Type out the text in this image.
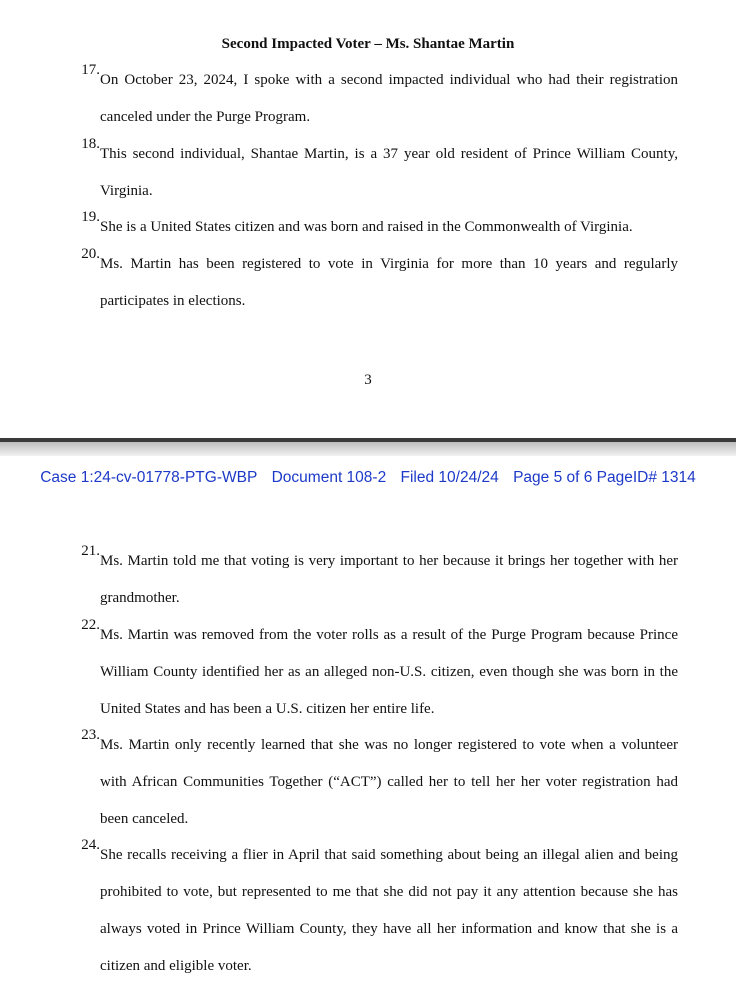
Second Impacted Voter – Ms. Shantae Martin
17.
On October 23, 2024, I spoke with a second impacted individual who had their registration canceled under the Purge Program.
18.
This second individual, Shantae Martin, is a 37 year old resident of Prince William County, Virginia.
19.
She is a United States citizen and was born and raised in the Commonwealth of Virginia.
20.
Ms. Martin has been registered to vote in Virginia for more than 10 years and regularly participates in elections.
3
Case 1:24-cv-01778-PTG-WBP Document 108-2 Filed 10/24/24 Page 5 of 6 PageID# 1314
21.
Ms. Martin told me that voting is very important to her because it brings her together with her grandmother.
22.
Ms. Martin was removed from the voter rolls as a result of the Purge Program because Prince William County identified her as an alleged non-U.S. citizen, even though she was born in the United States and has been a U.S. citizen her entire life.
23.
Ms. Martin only recently learned that she was no longer registered to vote when a volunteer with African Communities Together (“ACT”) called her to tell her her voter registration had been canceled.
24.
She recalls receiving a flier in April that said something about being an illegal alien and being prohibited to vote, but represented to me that she did not pay it any attention because she has always voted in Prince William County, they have all her information and know that she is a citizen and eligible voter.
